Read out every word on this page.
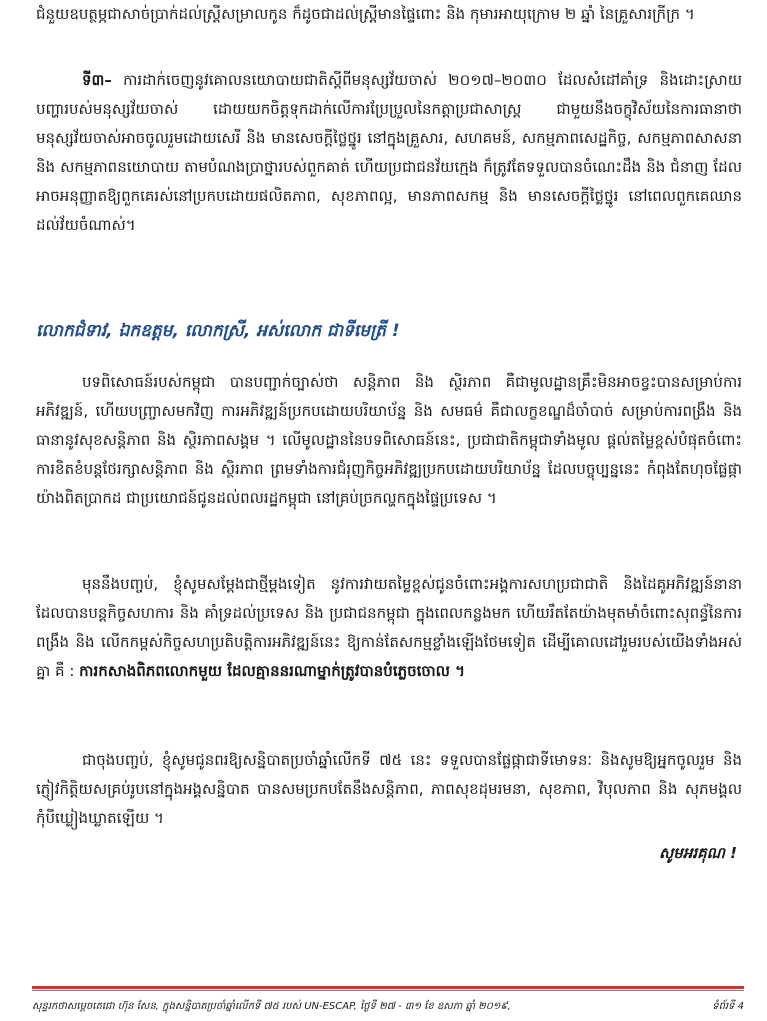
ជំនួយឧបត្ថម្ភជាសាច់ប្រាក់ដល់ស្ត្រីសម្រាលកូន ក៏ដូចជាដល់ស្ត្រីមានផ្ទៃពោះ និង កុមារអាយុក្រោម ២ ឆ្នាំ នៃគ្រួសារក្រីក្រ ។

ទី៣– ការដាក់ចេញនូវគោលនយោបាយជាតិស្តីពីមនុស្សវ័យចាស់ ២០១៧–២០៣០ ដែលសំដៅគាំទ្រ និងដោះស្រាយបញ្ហារបស់មនុស្សវ័យចាស់ ដោយយកចិត្តទុកដាក់លើការប្រែប្រួលនៃកត្តាប្រជាសាស្ត្រ ជាមួយនឹងចក្ខុវិស័យនៃការធានាថា មនុស្សវ័យចាស់អាចចូលរួមដោយសេរី និង មានសេចក្តីថ្លៃថ្នូរ នៅក្នុងគ្រួសារ, សហគមន៍, សកម្មភាពសេដ្ឋកិច្ច, សកម្មភាពសាសនា និង សកម្មភាពនយោបាយ តាមបំណងប្រាថ្នារបស់ពួកគាត់ ហើយប្រជាជនវ័យក្មេង ក៏ត្រូវតែទទួលបានចំណេះដឹង និង ជំនាញ ដែលអាចអនុញ្ញាតឱ្យពួកគេរស់នៅប្រកបដោយផលិតភាព, សុខភាពល្អ, មានភាពសកម្ម និង មានសេចក្តីថ្លៃថ្នូរ នៅពេលពួកគេឈានដល់វ័យចំណាស់។

លោកជំទាវ, ឯកឧត្តម, លោកស្រី, អស់លោក ជាទីមេត្រី !

បទពិសោធន៍របស់កម្ពុជា បានបញ្ជាក់ច្បាស់ថា សន្តិភាព និង ស្ថិរភាព គឺជាមូលដ្ឋានគ្រឹះមិនអាចខ្វះបានសម្រាប់ការអភិវឌ្ឍន៍, ហើយបញ្ច្រាសមកវិញ ការអភិវឌ្ឍន៍ប្រកបដោយបរិយាប័ន្ន និង សមធម៌ គឺជាលក្ខខណ្ឌដ៏ចាំបាច់ សម្រាប់ការពង្រឹង និង ធានានូវសុខសន្តិភាព និង ស្ថិរភាពសង្គម ។ លើមូលដ្ឋាននៃបទពិសោធន៍នេះ, ប្រជាជាតិកម្ពុជាទាំងមូល ផ្តល់តម្លៃខ្ពស់បំផុតចំពោះការខិតខំបន្តថែរក្សាសន្តិភាព និង ស្ថិរភាព ព្រមទាំងការជំរុញកិច្ចអភិវឌ្ឍប្រកបដោយបរិយាប័ន្ន ដែលបច្ចុប្បន្ននេះ កំពុងតែហុចផ្លែផ្កាយ៉ាងពិតប្រាកដ ជាប្រយោជន៍ជូនដល់ពលរដ្ឋកម្ពុជា នៅគ្រប់ច្រកល្ហកក្នុងផ្ទៃប្រទេស ។

មុននឹងបញ្ចប់, ខ្ញុំសូមសម្តែងជាថ្មីម្តងទៀត នូវការវាយតម្លៃខ្ពស់ជូនចំពោះអង្គការសហប្រជាជាតិ និងដៃគូអភិវឌ្ឍន៍នានា ដែលបានបន្តកិច្ចសហការ និង គាំទ្រដល់ប្រទេស និង ប្រជាជនកម្ពុជា ក្នុងពេលកន្លងមក ហើយរឹតតែយ៉ាងមុតមាំចំពោះសុពន្ធ័នៃការពង្រឹង និង លើកកម្ពស់កិច្ចសហប្រតិបត្តិការអភិវឌ្ឍន៍នេះ ឱ្យកាន់តែសកម្មខ្លាំងឡើងថែមទៀត ដើម្បីគោលដៅរួមរបស់យើងទាំងអស់គ្នា គឺ : ការកសាងពិភពលោកមួយ ដែលគ្មាននរណាម្នាក់ត្រូវបានបំភ្លេចចោល ។

ជាចុងបញ្ចប់, ខ្ញុំសូមជូនពរឱ្យសន្និបាតប្រចាំឆ្នាំលើកទី ៧៥ នេះ ទទួលបានផ្លែផ្កាជាទីមោទនៈ និងសូមឱ្យអ្នកចូលរួម និង ភ្ញៀវកិត្តិយសគ្រប់រូបនៅក្នុងអង្គសន្និបាត បានសមប្រកបតែនឹងសន្តិភាព, ភាពសុខដុមរមនា, សុខភាព, វិបុលភាព និង សុភមង្គល កុំបីឃ្លៀងឃ្លាតឡើយ ។

សូមអរគុណ !
សុន្ទរកថាសម្តេចតេជោ ហ៊ុន សែន, ក្នុងសន្និបាតប្រចាំឆ្នាំលើកទី ៧៥ របស់ UN-ESCAP, ថ្ងៃទី ២៧ - ៣១ ខែ ឧសភា ឆ្នាំ ២០១៩,	ទំព័រទី 4
